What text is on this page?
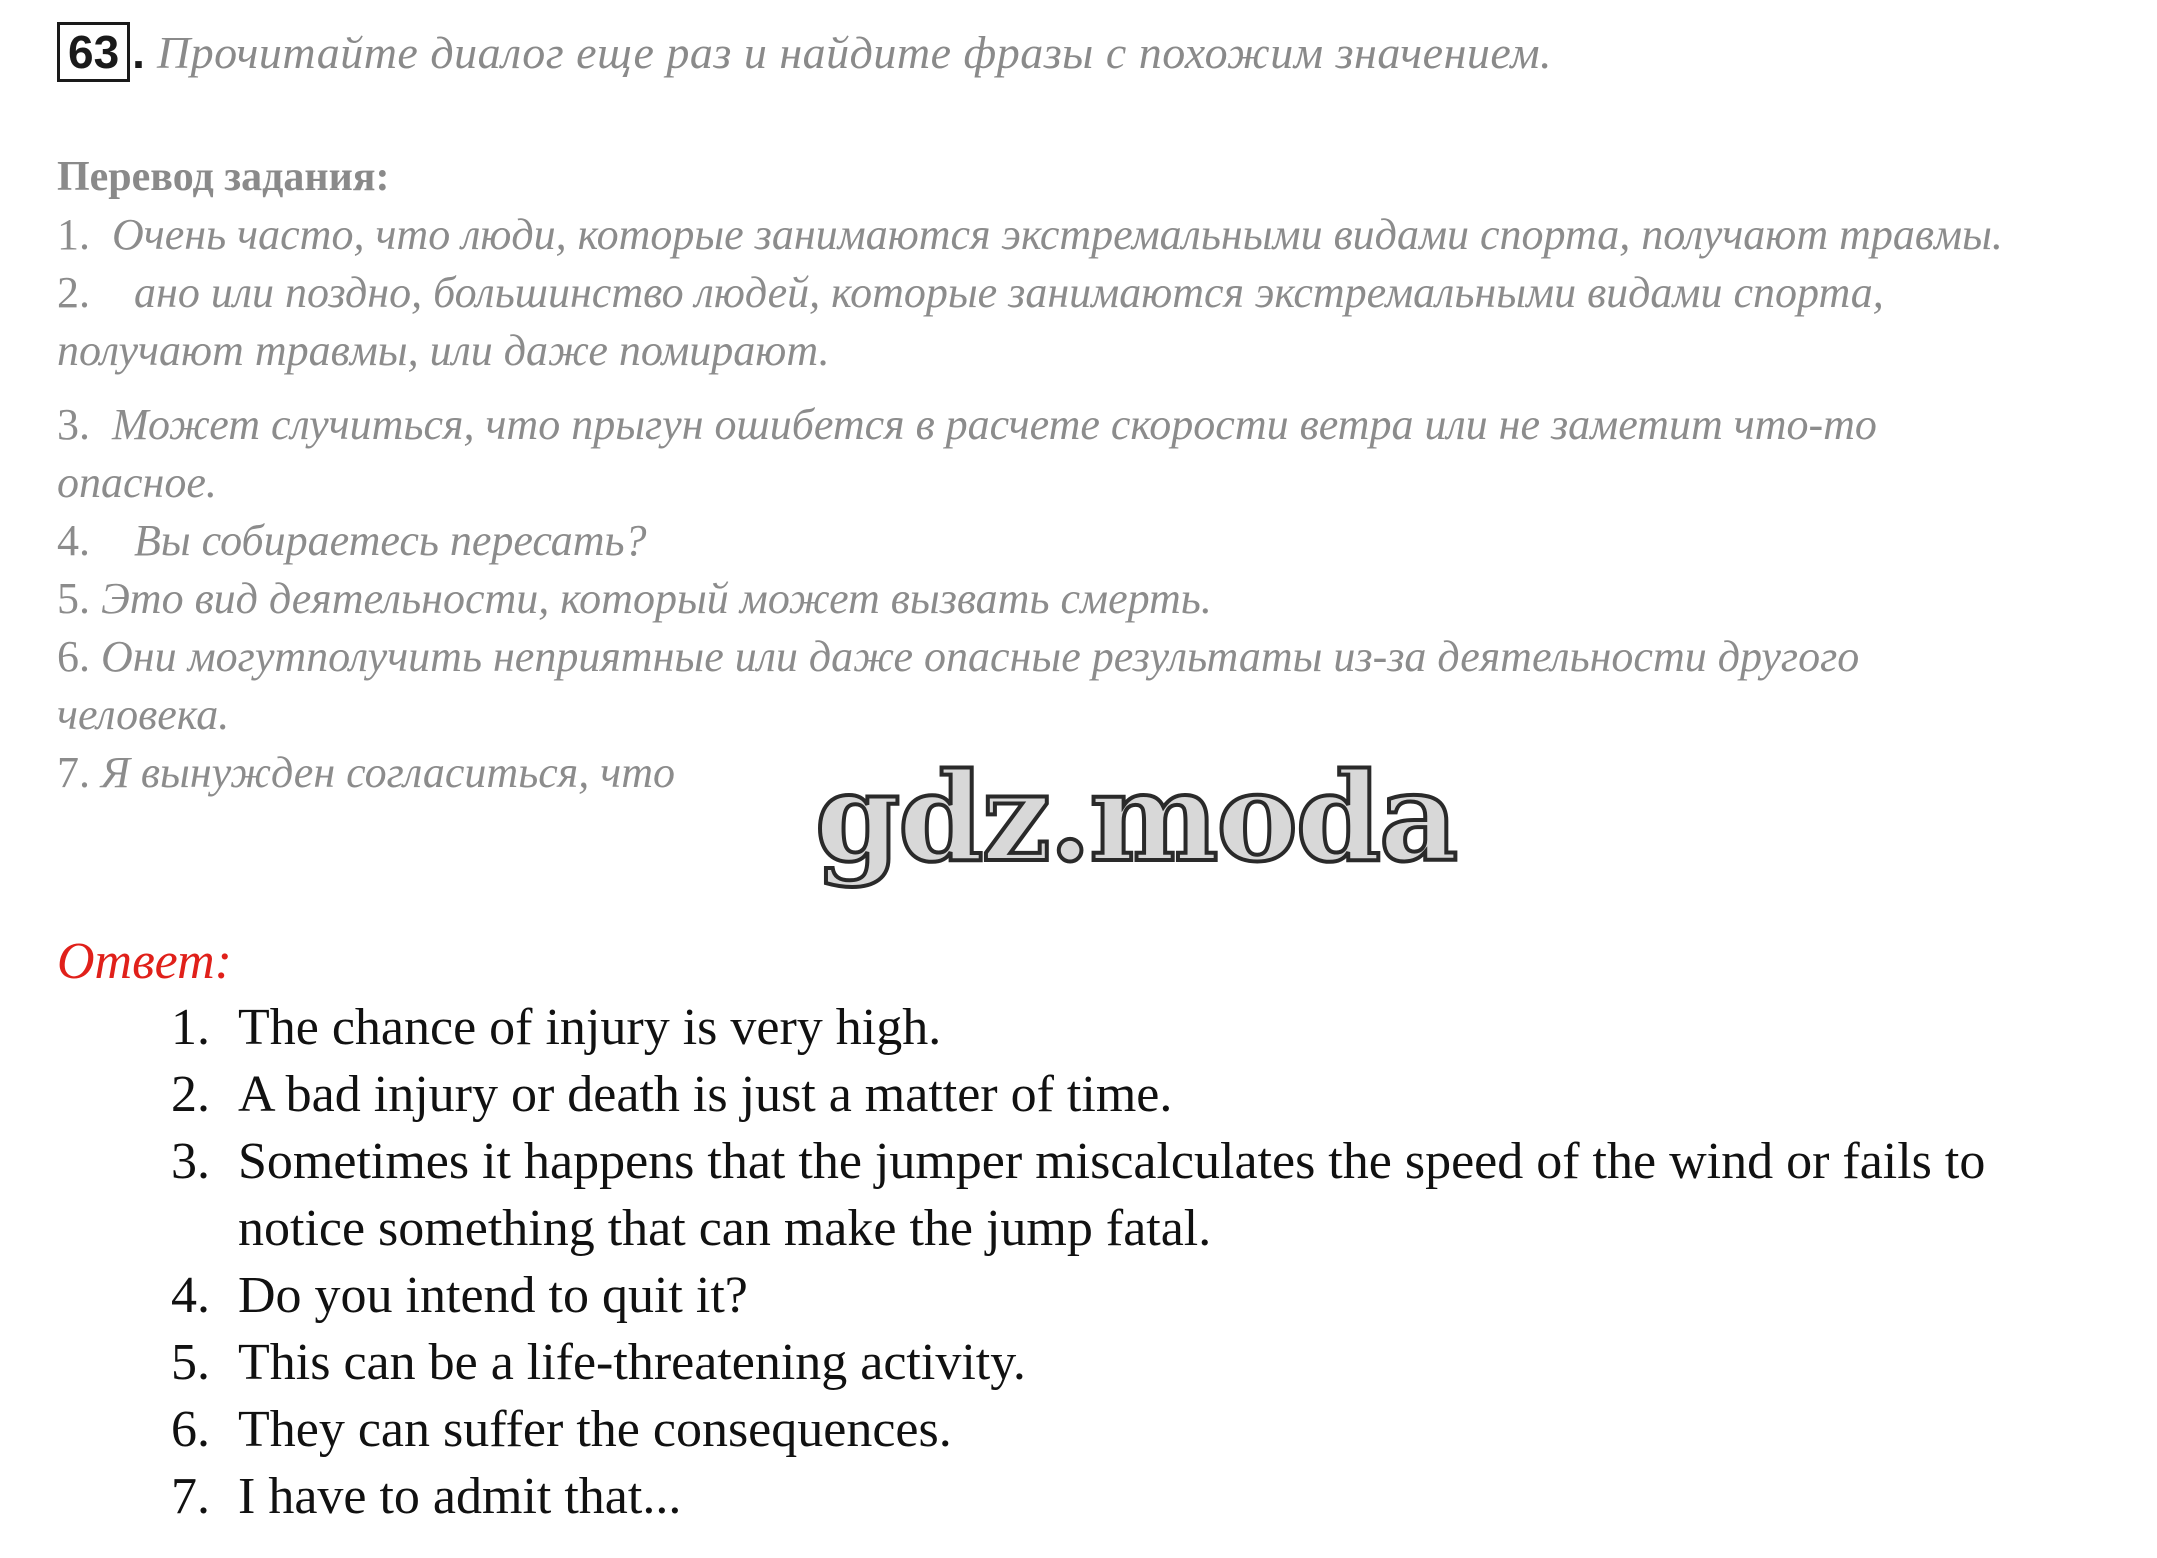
63 . Прочитайте диалог еще раз и найдите фразы с похожим значением.
Перевод задания:
1. Очень часто, что люди, которые занимаются экстремальными видами спорта, получают травмы.
2. ано или поздно, большинство людей, которые занимаются экстремальными видами спорта, получают травмы, или даже помирают.
3. Может случиться, что прыгун ошибется в расчете скорости ветра или не заметит что-то опасное.
4. Вы собираетесь пересать?
5. Это вид деятельности, который может вызвать смерть.
6. Они могутполучить неприятные или даже опасные результаты из-за деятельности другого человека.
7. Я вынужден согласиться, что	gdz.moda
Ответ:
1. The chance of injury is very high.
2. A bad injury or death is just a matter of time.
3. Sometimes it happens that the jumper miscalculates the speed of the wind or fails to notice something that can make the jump fatal.
4. Do you intend to quit it?
5. This can be a life-threatening activity.
6. They can suffer the consequences.
7. I have to admit that...
